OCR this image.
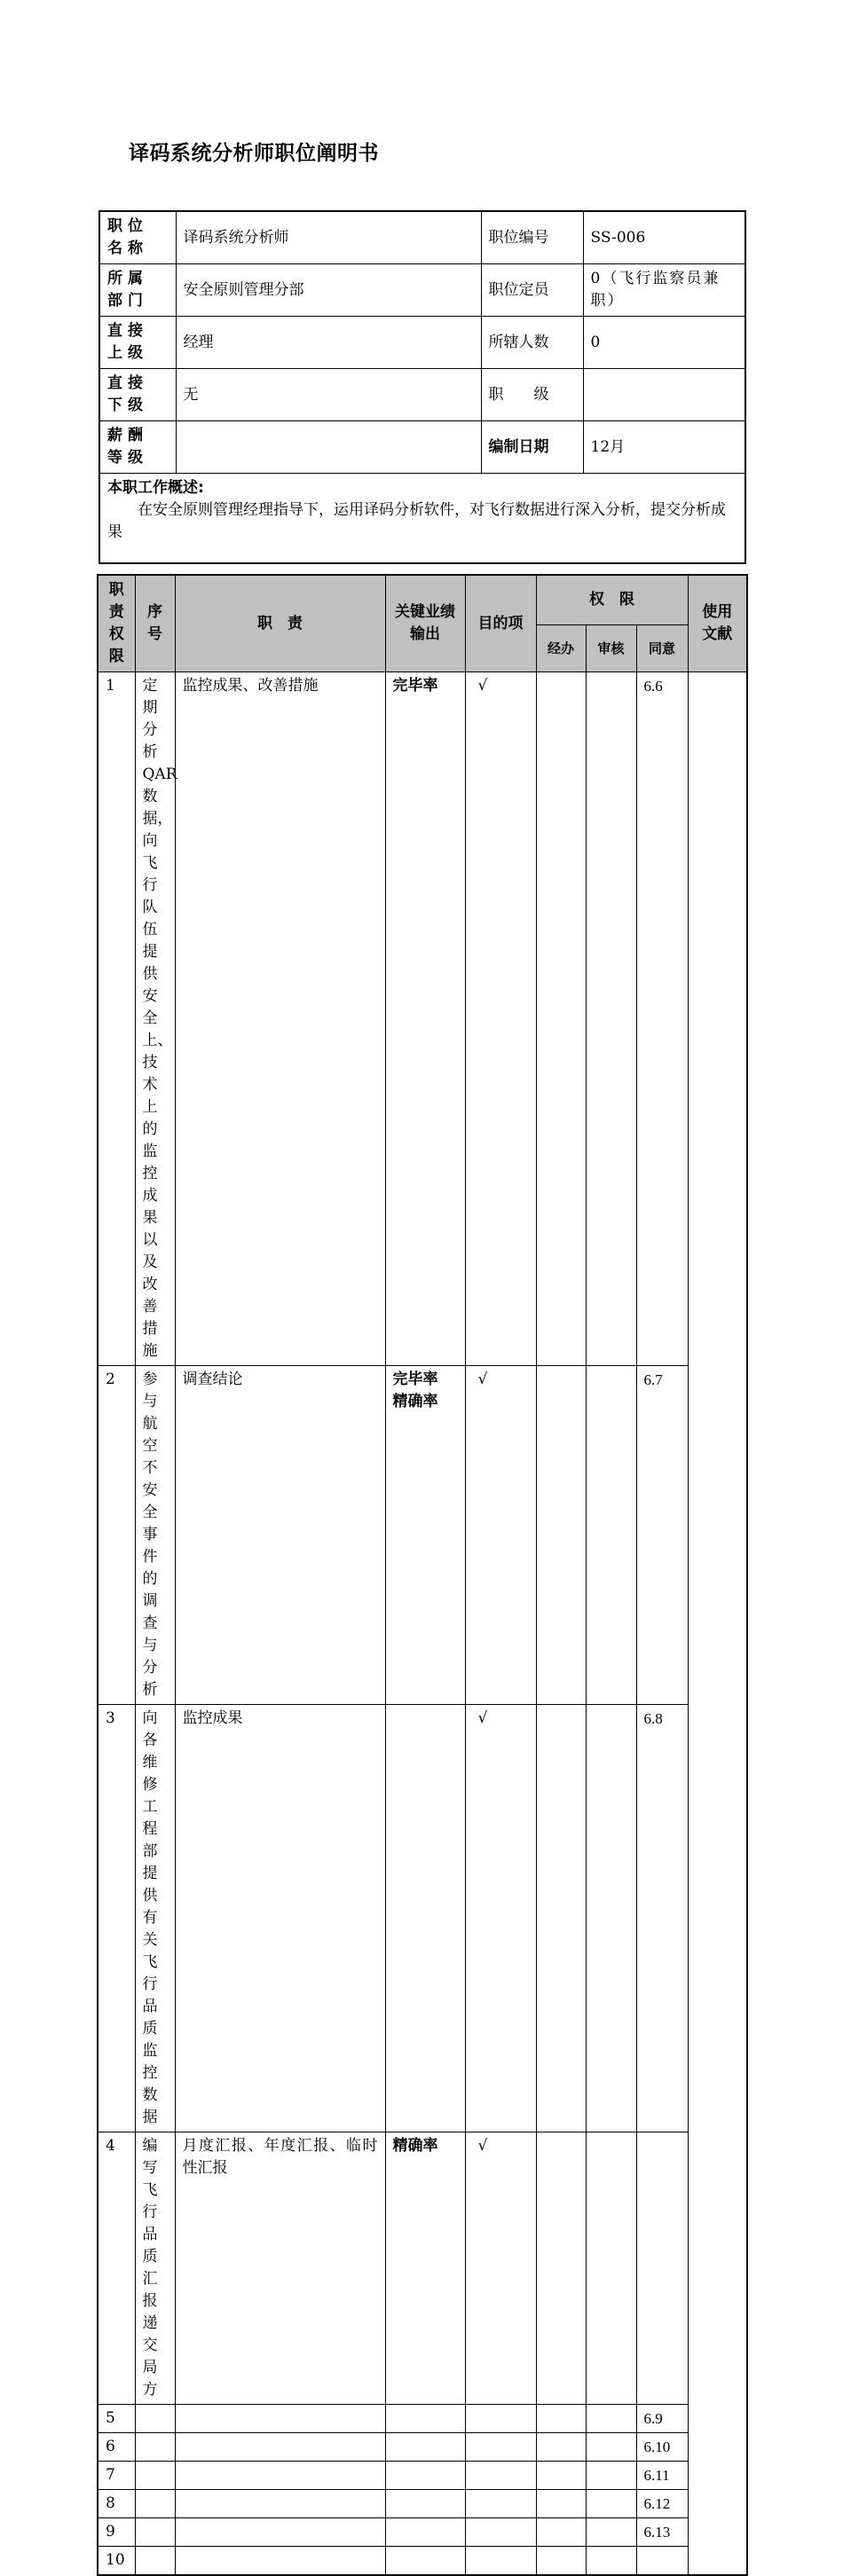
译码系统分析师职位阐明书
职位名称	译码系统分析师	职位编号	SS-006
所属部门	安全原则管理分部	职位定员	0（飞行监察员兼职）
直接上级	经理	所辖人数	0
直接下级	无	职　　级	
薪酬等级		编制日期	12月

本职工作概述:
在安全原则管理经理指导下，运用译码分析软件，对飞行数据进行深入分析，提交分析成果			
职责权限	序号	职　责	关键业绩输出	目的项	权　限			使用文献

					经办	审核	同意	
1	定期分析QAR数据，向飞行队伍提供安全上、技术上的监控成果以及改善措施	监控成果、改善措施	完毕率	√			6.6	
2	参与航空不安全事件的调查与分析	调查结论	完毕率
精确率	√			6.7	
3	向各维修工程部提供有关飞行品质监控数据	监控成果		√			6.8	
4	编写飞行品质汇报递交局方	月度汇报、年度汇报、临时性汇报	精确率	√				
5							6.9	
6							6.10	
7							6.11	
8							6.12	
9							6.13	
10								
